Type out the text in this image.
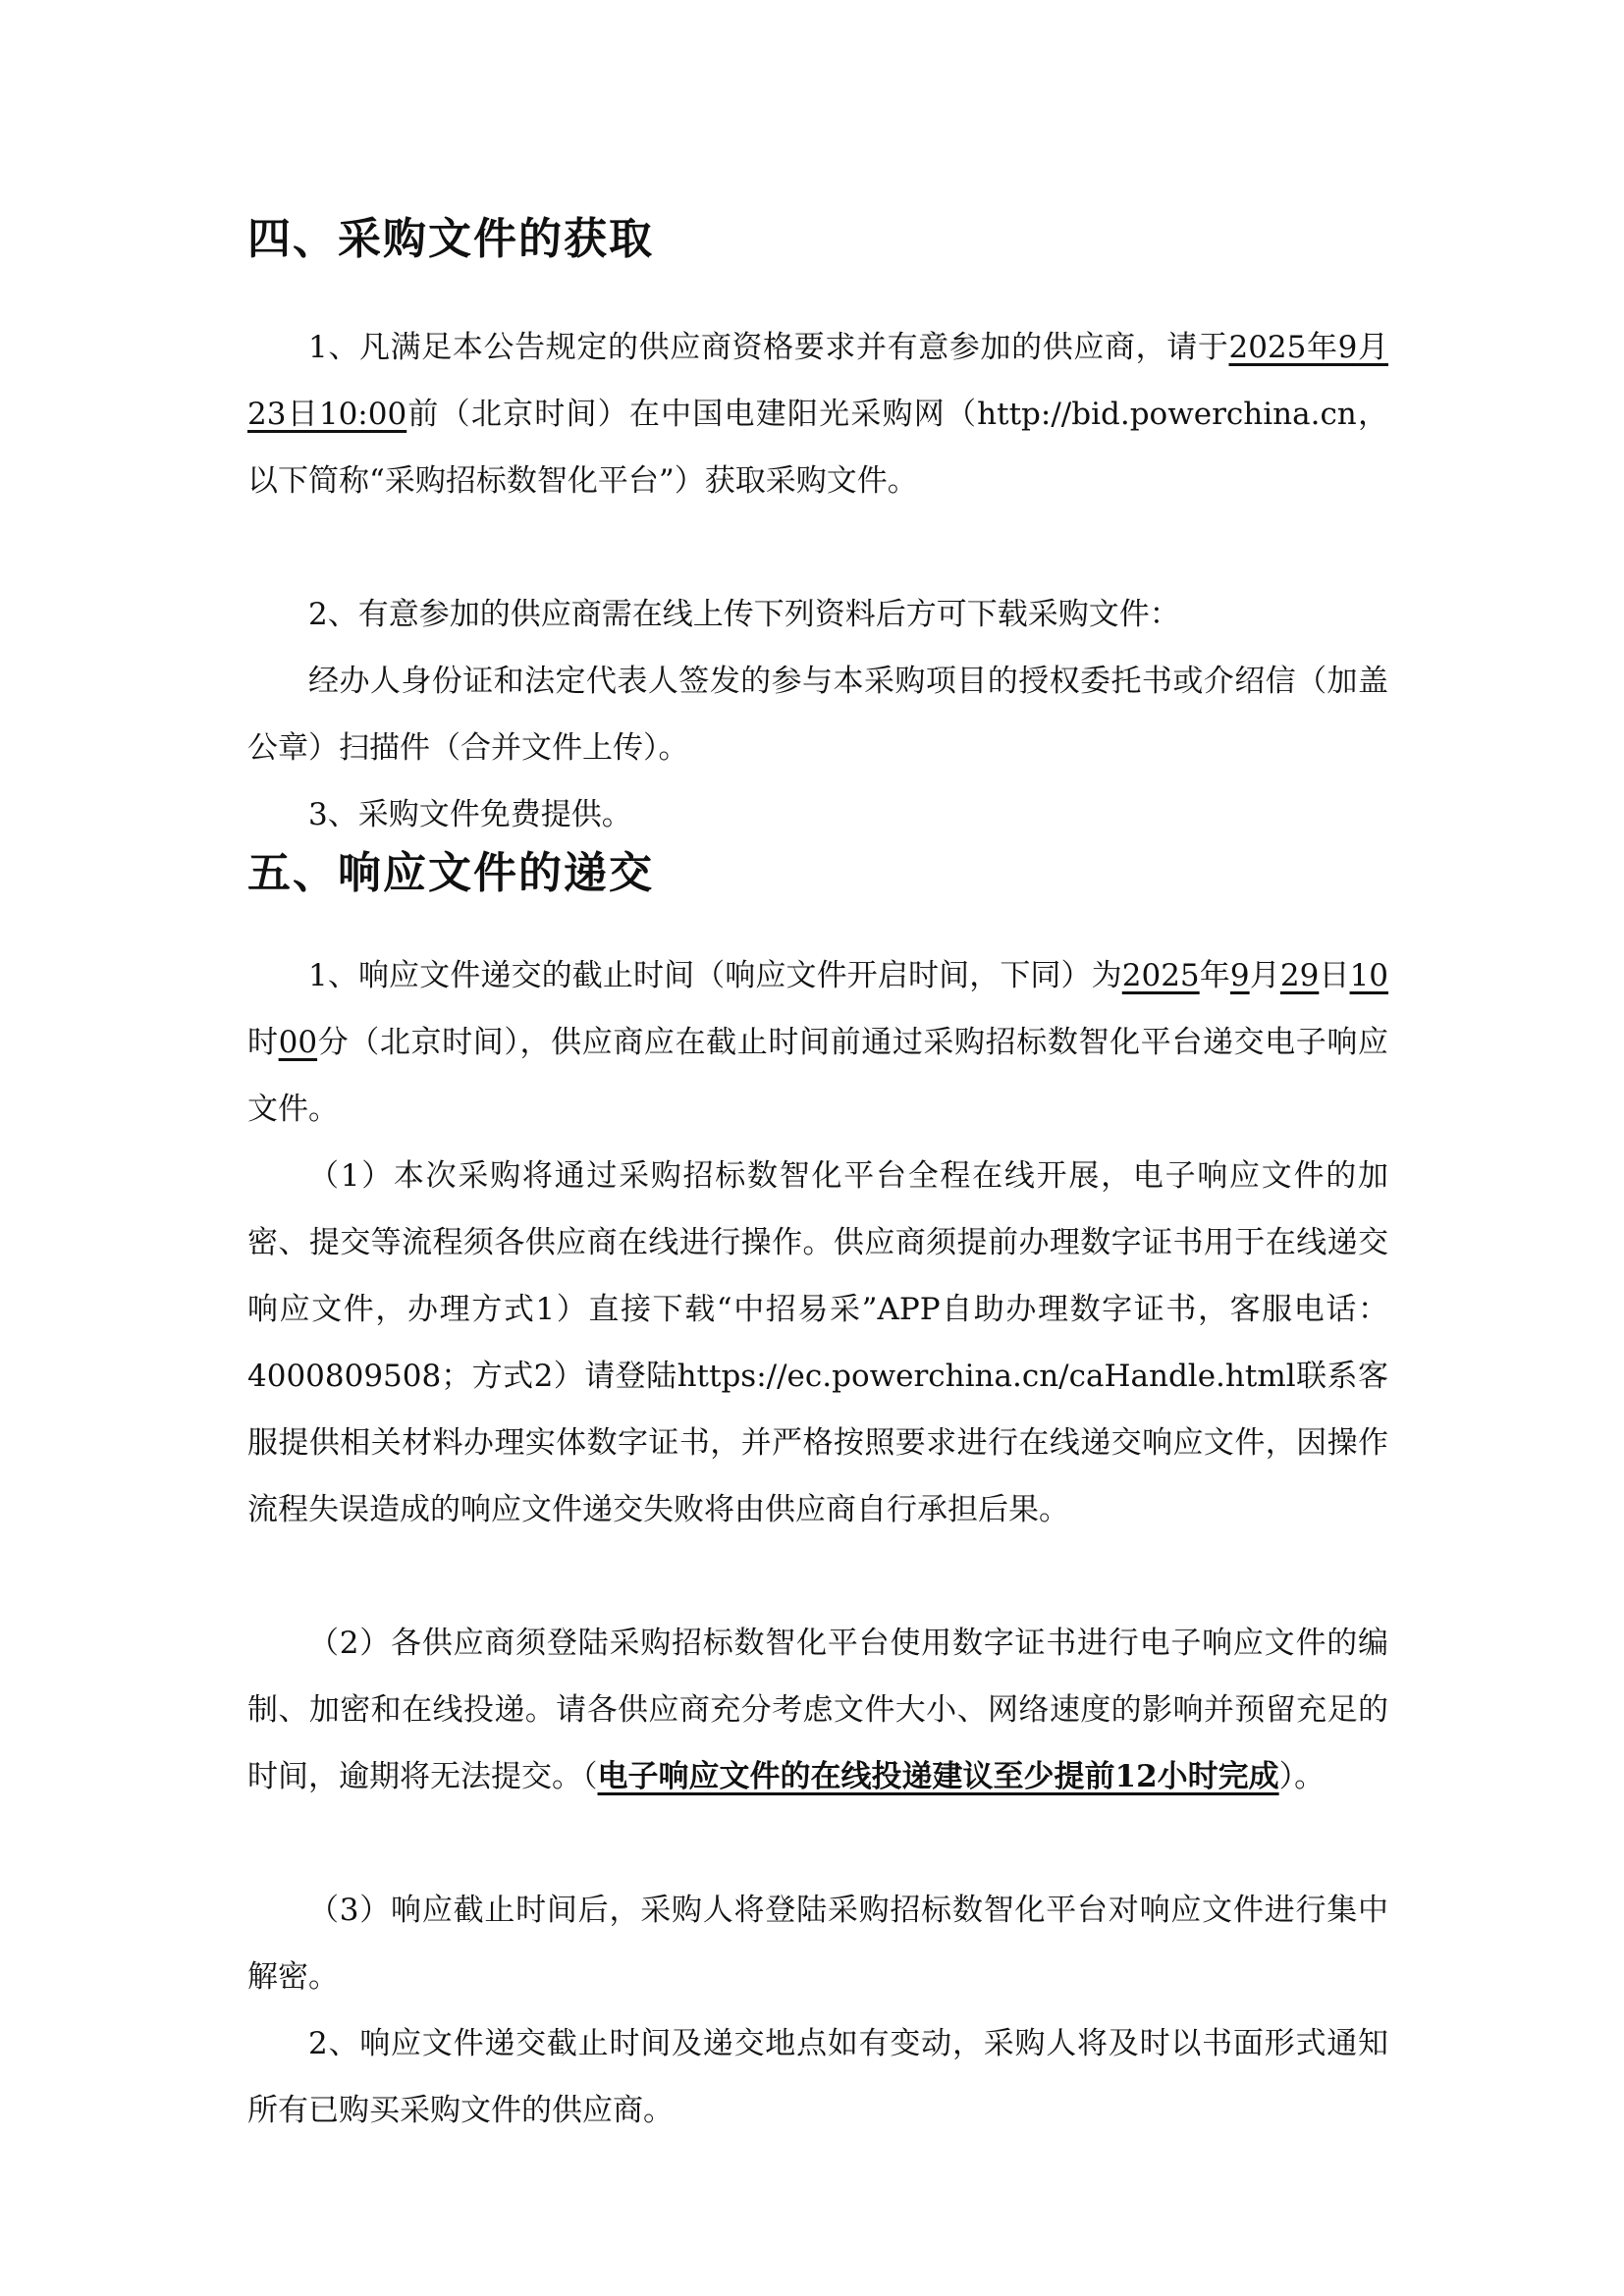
四、采购文件的获取

1、凡满足本公告规定的供应商资格要求并有意参加的供应商，请于2025年9月23日10:00前（北京时间）在中国电建阳光采购网（http://bid.powerchina.cn，以下简称“采购招标数智化平台”）获取采购文件。

2、有意参加的供应商需在线上传下列资料后方可下载采购文件：

经办人身份证和法定代表人签发的参与本采购项目的授权委托书或介绍信（加盖公章）扫描件（合并文件上传）。

3、采购文件免费提供。

五、响应文件的递交

1、响应文件递交的截止时间（响应文件开启时间，下同）为2025年9月29日10时00分（北京时间），供应商应在截止时间前通过采购招标数智化平台递交电子响应文件。

（1）本次采购将通过采购招标数智化平台全程在线开展，电子响应文件的加密、提交等流程须各供应商在线进行操作。供应商须提前办理数字证书用于在线递交响应文件，办理方式1）直接下载“中招易采”APP自助办理数字证书，客服电话：4000809508；方式2）请登陆https://ec.powerchina.cn/caHandle.html联系客服提供相关材料办理实体数字证书，并严格按照要求进行在线递交响应文件，因操作流程失误造成的响应文件递交失败将由供应商自行承担后果。

（2）各供应商须登陆采购招标数智化平台使用数字证书进行电子响应文件的编制、加密和在线投递。请各供应商充分考虑文件大小、网络速度的影响并预留充足的时间，逾期将无法提交。（电子响应文件的在线投递建议至少提前12小时完成）。

（3）响应截止时间后，采购人将登陆采购招标数智化平台对响应文件进行集中解密。

2、响应文件递交截止时间及递交地点如有变动，采购人将及时以书面形式通知所有已购买采购文件的供应商。
